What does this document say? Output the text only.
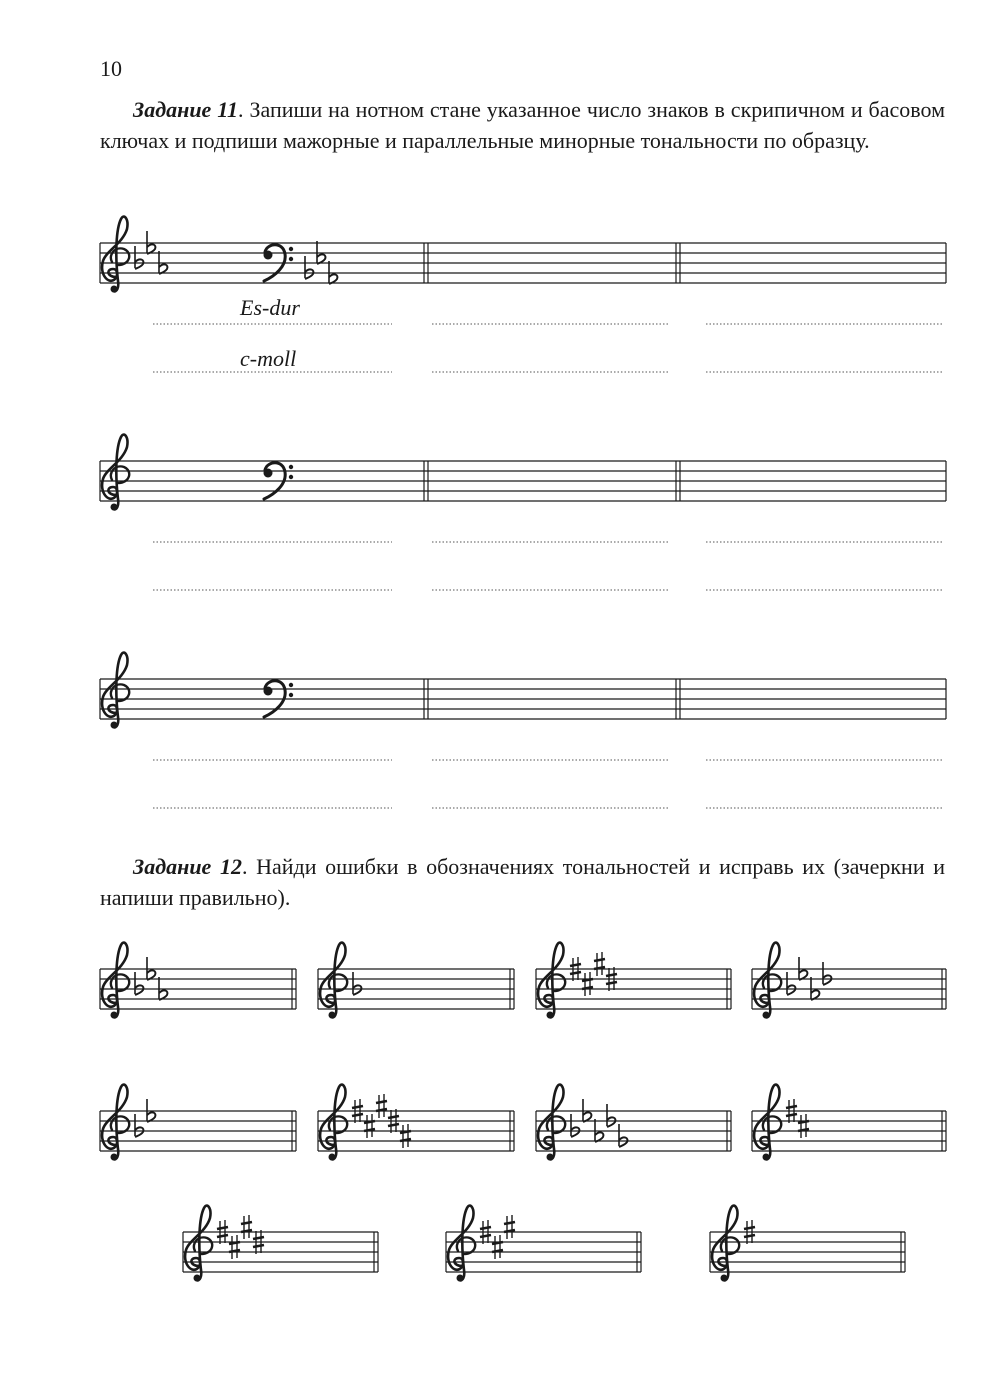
10
Задание 11. Запиши на нотном стане указанное число знаков в скрипичном и басовом ключах и подпиши мажорные и параллельные минорные тональности по образцу.
Es-dur
c-moll
Задание 12. Найди ошибки в обозначениях тональностей и исправь их (зачеркни и напиши правильно).
